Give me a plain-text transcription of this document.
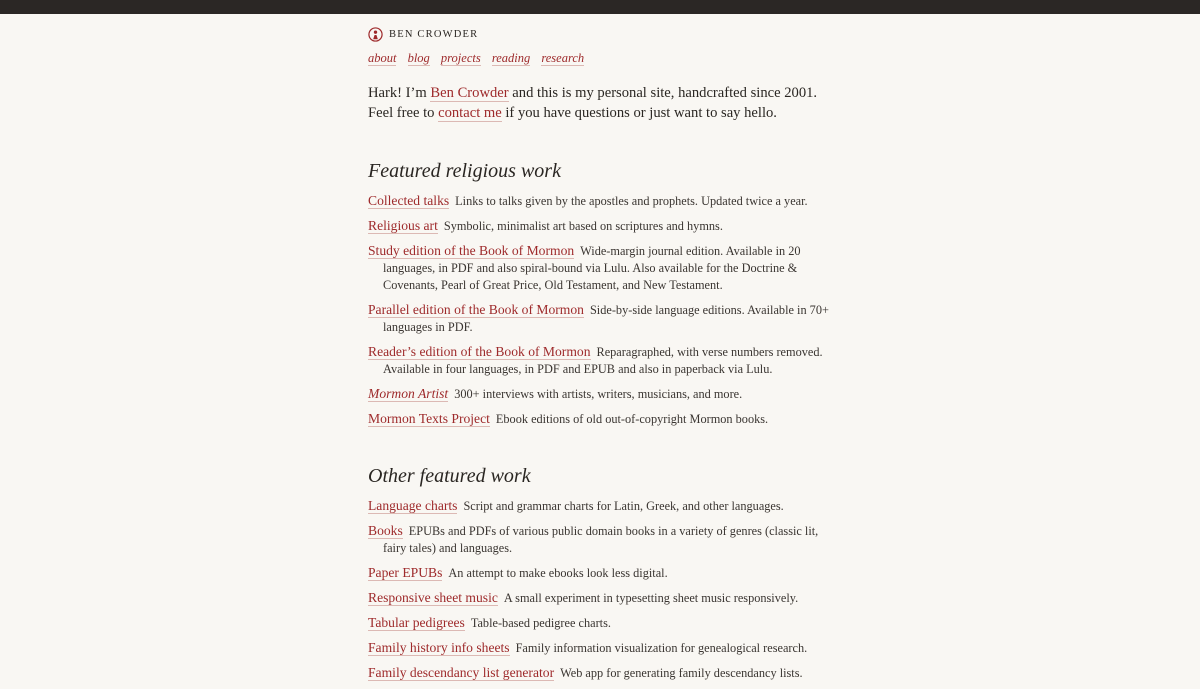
BEN CROWDER
about blog projects reading research

Hark! I’m Ben Crowder and this is my personal site, handcrafted since 2001. Feel free to contact me if you have questions or just want to say hello.

Featured religious work

Collected talks Links to talks given by the apostles and prophets. Updated twice a year.

Religious art Symbolic, minimalist art based on scriptures and hymns.

Study edition of the Book of Mormon Wide-margin journal edition. Available in 20 languages, in PDF and also spiral-bound via Lulu. Also available for the Doctrine & Covenants, Pearl of Great Price, Old Testament, and New Testament.

Parallel edition of the Book of Mormon Side-by-side language editions. Available in 70+ languages in PDF.

Reader’s edition of the Book of Mormon Reparagraphed, with verse numbers removed. Available in four languages, in PDF and EPUB and also in paperback via Lulu.

Mormon Artist 300+ interviews with artists, writers, musicians, and more.

Mormon Texts Project Ebook editions of old out-of-copyright Mormon books.

Other featured work

Language charts Script and grammar charts for Latin, Greek, and other languages.

Books EPUBs and PDFs of various public domain books in a variety of genres (classic lit, fairy tales) and languages.

Paper EPUBs An attempt to make ebooks look less digital.

Responsive sheet music A small experiment in typesetting sheet music responsively.

Tabular pedigrees Table-based pedigree charts.

Family history info sheets Family information visualization for genealogical research.

Family descendancy list generator Web app for generating family descendancy lists.
